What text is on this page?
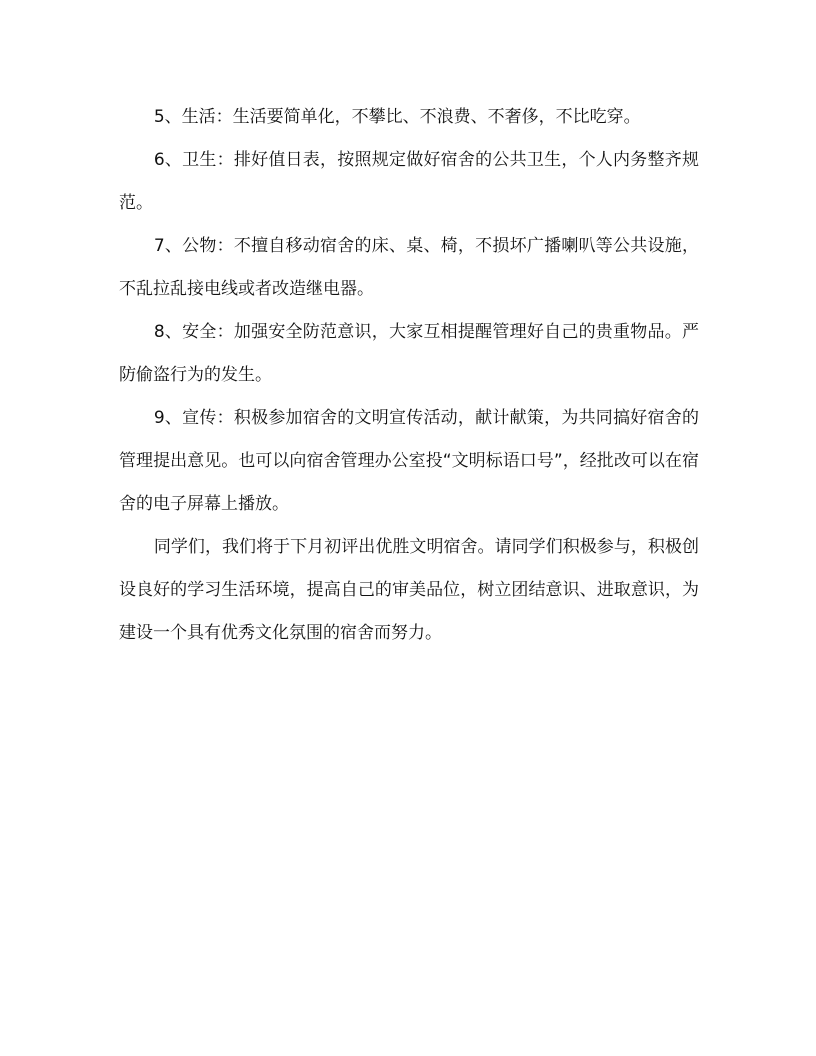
5、生活：生活要简单化，不攀比、不浪费、不奢侈，不比吃穿。

6、卫生：排好值日表，按照规定做好宿舍的公共卫生，个人内务整齐规范。

7、公物：不擅自移动宿舍的床、桌、椅，不损坏广播喇叭等公共设施，不乱拉乱接电线或者改造继电器。

8、安全：加强安全防范意识，大家互相提醒管理好自己的贵重物品。严防偷盗行为的发生。

9、宣传：积极参加宿舍的文明宣传活动，献计献策，为共同搞好宿舍的管理提出意见。也可以向宿舍管理办公室投“文明标语口号”，经批改可以在宿舍的电子屏幕上播放。

同学们，我们将于下月初评出优胜文明宿舍。请同学们积极参与，积极创设良好的学习生活环境，提高自己的审美品位，树立团结意识、进取意识，为建设一个具有优秀文化氛围的宿舍而努力。
